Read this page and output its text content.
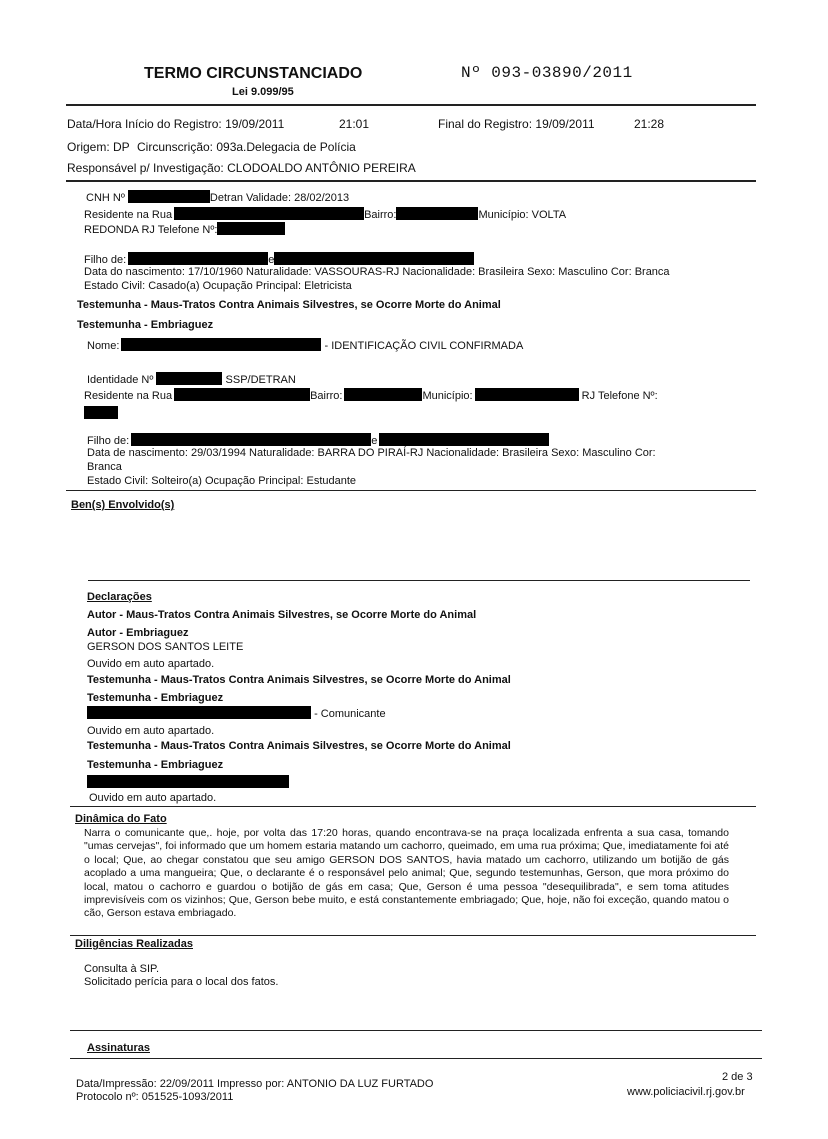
TERMO CIRCUNSTANCIADO
Lei 9.099/95
Nº 093-03890/2011
Data/Hora Início do Registro: 19/09/2011	21:01	Final do Registro: 19/09/2011	21:28
Origem: DP Circunscrição: 093a.Delegacia de Polícia
Responsável p/ Investigação: CLODOALDO ANTÔNIO PEREIRA
CNH Nº	Detran Validade: 28/02/2013
Residente na Rua	Bairro:	Município: VOLTA
REDONDA RJ Telefone Nº:
Filho de:	e
Data do nascimento: 17/10/1960 Naturalidade: VASSOURAS-RJ Nacionalidade: Brasileira Sexo: Masculino Cor: Branca
Estado Civil: Casado(a) Ocupação Principal: Eletricista
Testemunha - Maus-Tratos Contra Animais Silvestres, se Ocorre Morte do Animal
Testemunha - Embriaguez
Nome:	- IDENTIFICAÇÃO CIVIL CONFIRMADA
Identidade Nº	SSP/DETRAN
Residente na Rua	Bairro:	Município:	RJ Telefone Nº:
Filho de:	e
Data de nascimento: 29/03/1994 Naturalidade: BARRA DO PIRAÍ-RJ Nacionalidade: Brasileira Sexo: Masculino Cor:
Branca
Estado Civil: Solteiro(a) Ocupação Principal: Estudante
Ben(s) Envolvido(s)
Declarações
Autor - Maus-Tratos Contra Animais Silvestres, se Ocorre Morte do Animal
Autor - Embriaguez
GERSON DOS SANTOS LEITE
Ouvido em auto apartado.
Testemunha - Maus-Tratos Contra Animais Silvestres, se Ocorre Morte do Animal
Testemunha - Embriaguez
- Comunicante
Ouvido em auto apartado.
Testemunha - Maus-Tratos Contra Animais Silvestres, se Ocorre Morte do Animal
Testemunha - Embriaguez
Ouvido em auto apartado.
Dinâmica do Fato
Narra o comunicante que,. hoje, por volta das 17:20 horas, quando encontrava-se na praça localizada enfrenta a sua casa, tomando "umas cervejas", foi informado que um homem estaria matando um cachorro, queimado, em uma rua próxima; Que, imediatamente foi até o local; Que, ao chegar constatou que seu amigo GERSON DOS SANTOS, havia matado um cachorro, utilizando um botijão de gás acoplado a uma mangueira; Que, o declarante é o responsável pelo animal; Que, segundo testemunhas, Gerson, que mora próximo do local, matou o cachorro e guardou o botijão de gás em casa; Que, Gerson é uma pessoa "desequilibrada", e sem toma atitudes imprevisíveis com os vizinhos; Que, Gerson bebe muito, e está constantemente embriagado; Que, hoje, não foi exceção, quando matou o cão, Gerson estava embriagado.
Diligências Realizadas
Consulta à SIP.
Solicitado perícia para o local dos fatos.
Assinaturas
Data/Impressão: 22/09/2011 Impresso por: ANTONIO DA LUZ FURTADO
Protocolo nº: 051525-1093/2011
2 de 3
www.policiacivil.rj.gov.br
